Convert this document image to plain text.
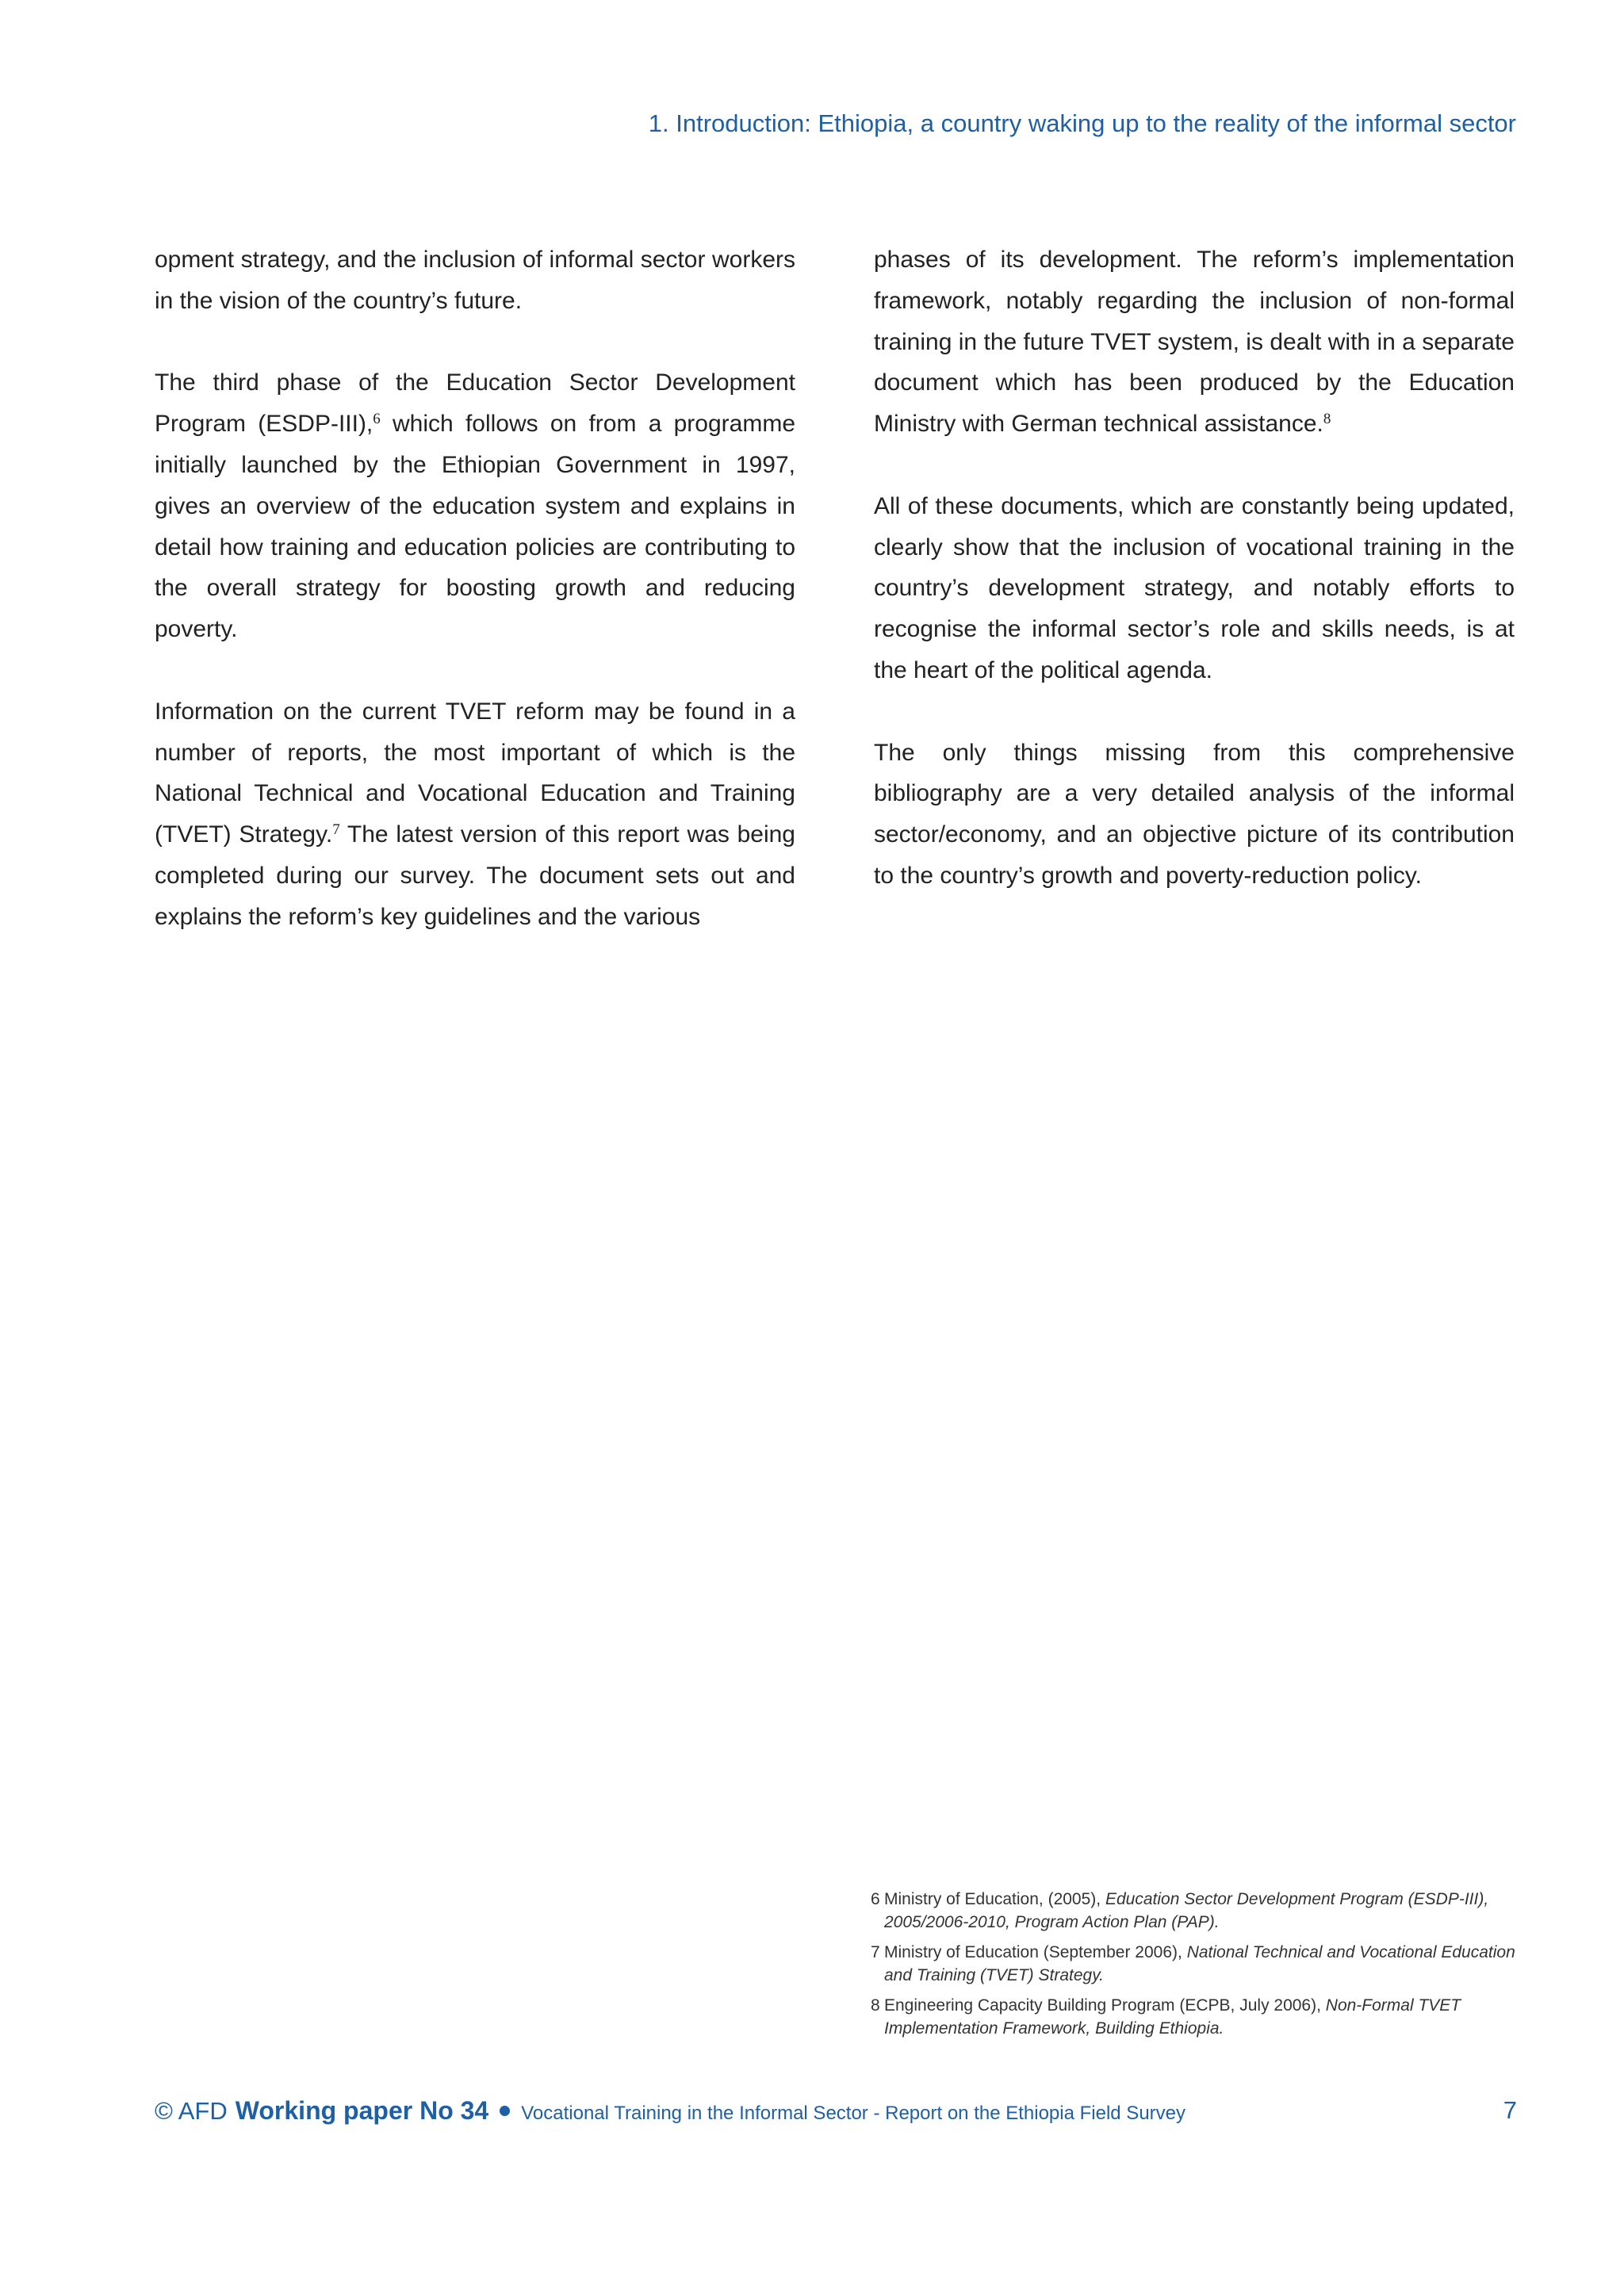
1. Introduction: Ethiopia, a country waking up to the reality of the informal sector

opment strategy, and the inclusion of informal sector workers in the vision of the country’s future.

The third phase of the Education Sector Development Program (ESDP-III),$^6$ which follows on from a programme initially launched by the Ethiopian Government in 1997, gives an overview of the education system and explains in detail how training and education policies are contributing to the overall strategy for boosting growth and reducing poverty.

Information on the current TVET reform may be found in a number of reports, the most important of which is the National Technical and Vocational Education and Training (TVET) Strategy.$^7$ The latest version of this report was being completed during our survey. The document sets out and explains the reform’s key guidelines and the various

phases of its development. The reform’s implementation framework, notably regarding the inclusion of non-formal training in the future TVET system, is dealt with in a separate document which has been produced by the Education Ministry with German technical assistance.$^8$

All of these documents, which are constantly being updated, clearly show that the inclusion of vocational training in the country’s development strategy, and notably efforts to recognise the informal sector’s role and skills needs, is at the heart of the political agenda.

The only things missing from this comprehensive bibliography are a very detailed analysis of the informal sector/economy, and an objective picture of its contribution to the country’s growth and poverty-reduction policy.

6 Ministry of Education, (2005), Education Sector Development Program (ESDP-III), 2005/2006-2010, Program Action Plan (PAP).
7 Ministry of Education (September 2006), National Technical and Vocational Education and Training (TVET) Strategy.
8 Engineering Capacity Building Program (ECPB, July 2006), Non-Formal TVET Implementation Framework, Building Ethiopia.
© AFD Working paper No 34 Vocational Training in the Informal Sector - Report on the Ethiopia Field Survey	7
